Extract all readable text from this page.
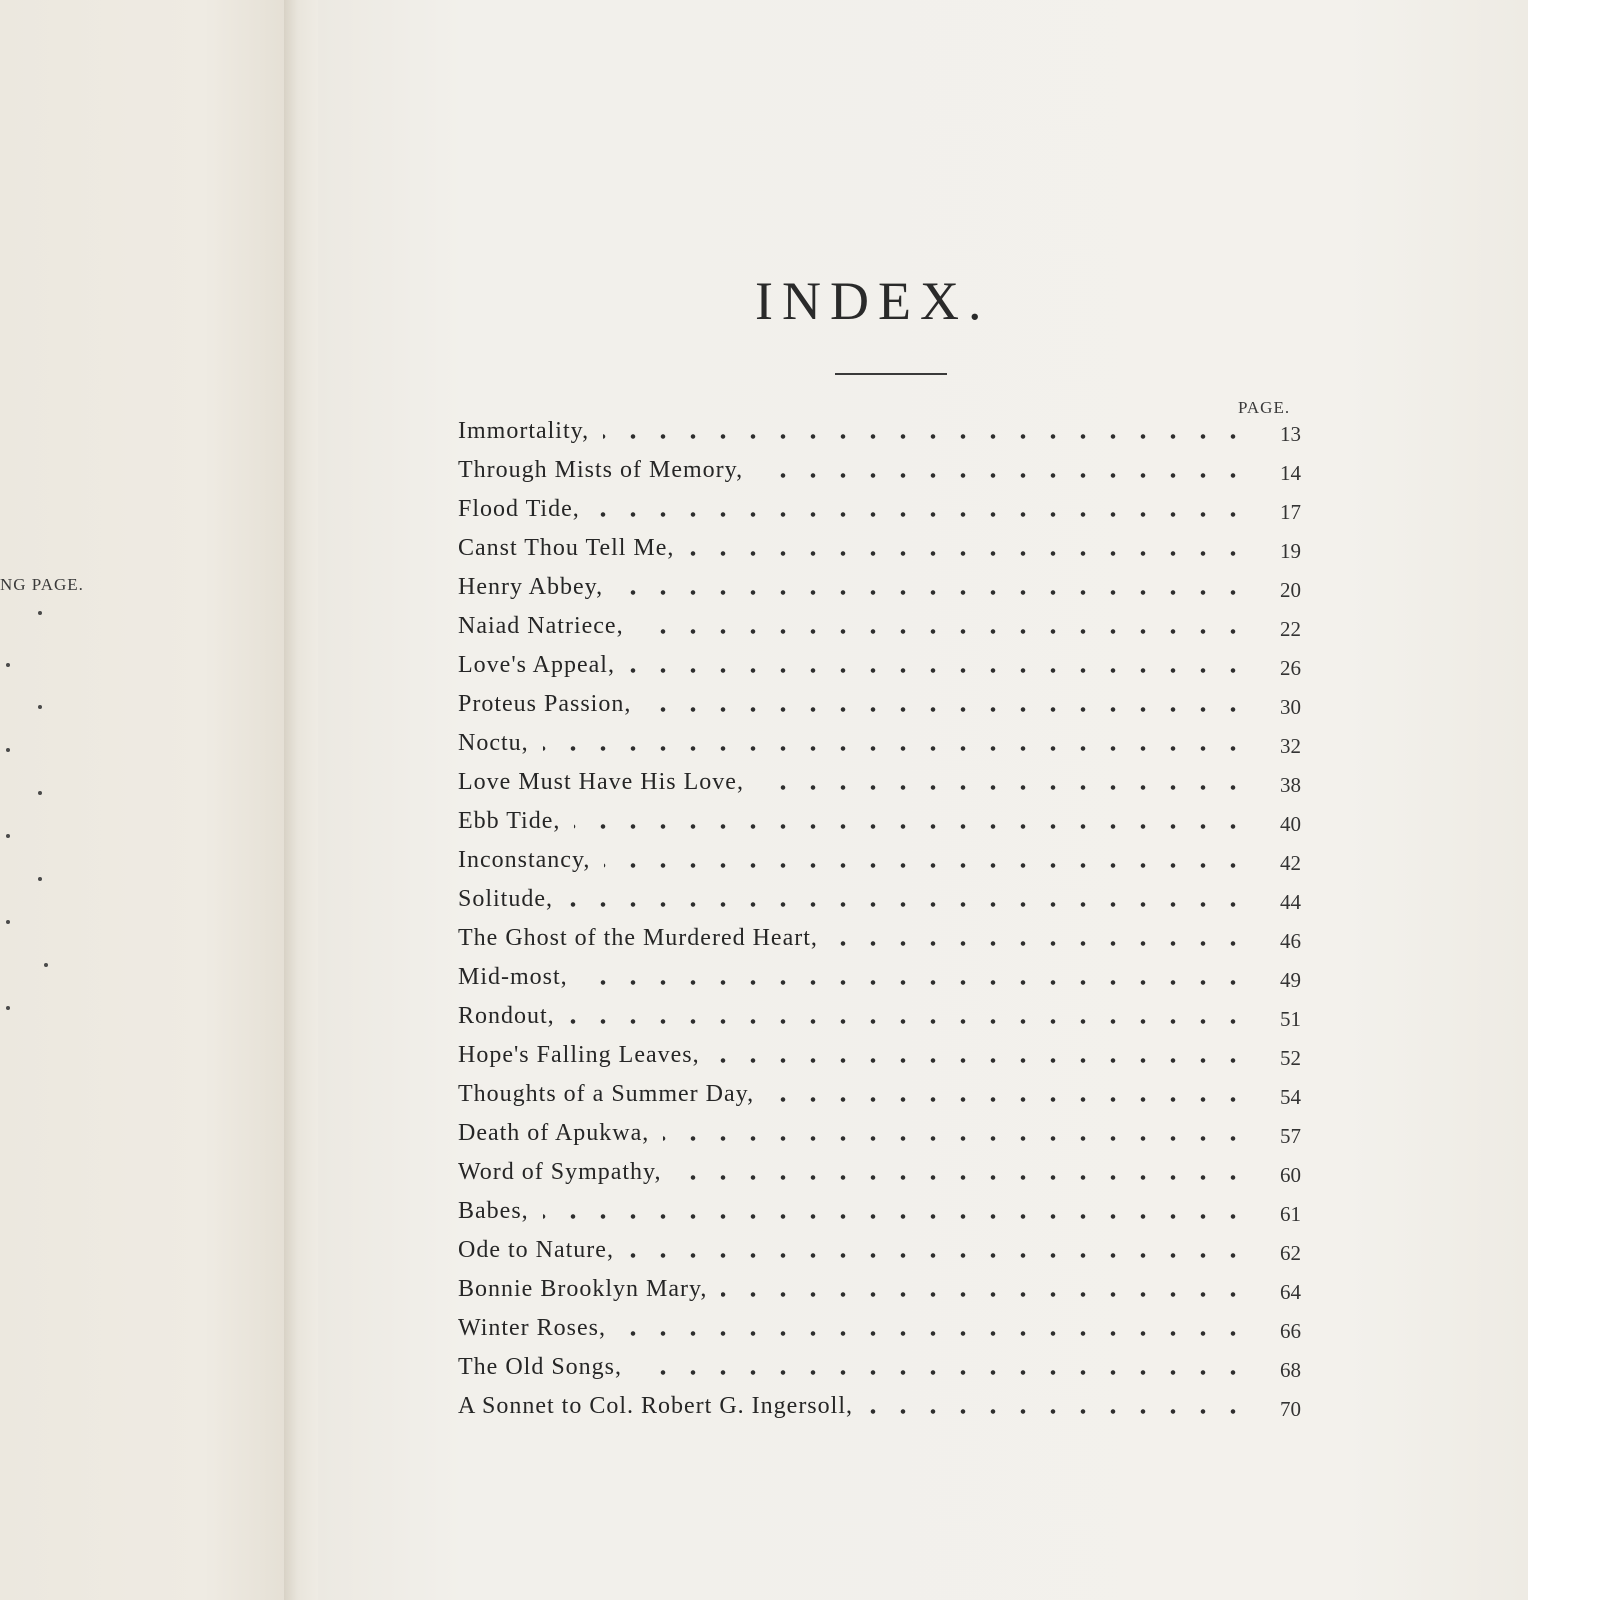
NG PAGE.
INDEX.
PAGE.
Immortality,	13
Through Mists of Memory,	14
Flood Tide,	17
Canst Thou Tell Me,	19
Henry Abbey,	20
Naiad Natriece,	22
Love's Appeal,	26
Proteus Passion,	30
Noctu,	32
Love Must Have His Love,	38
Ebb Tide,	40
Inconstancy,	42
Solitude,	44
The Ghost of the Murdered Heart,	46
Mid-most,	49
Rondout,	51
Hope's Falling Leaves,	52
Thoughts of a Summer Day,	54
Death of Apukwa,	57
Word of Sympathy,	60
Babes,	61
Ode to Nature,	62
Bonnie Brooklyn Mary,	64
Winter Roses,	66
The Old Songs,	68
A Sonnet to Col. Robert G. Ingersoll,	70
